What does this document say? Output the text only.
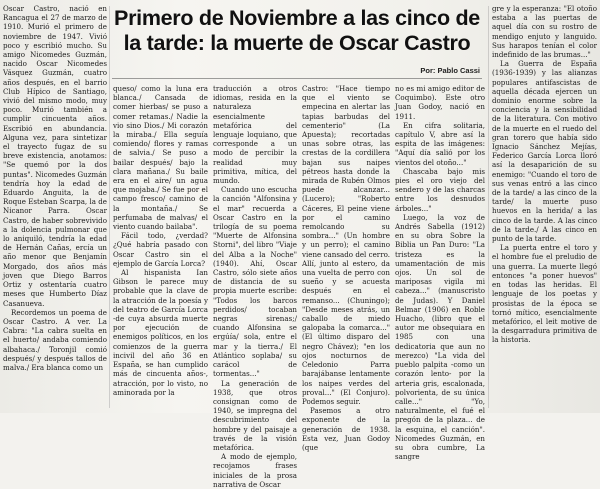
Primero de Noviembre a las cinco de la tarde: la muerte de Oscar Castro
Por: Pablo Cassi

Oscar Castro, nació en Rancagua el 27 de marzo de 1910. Murió el primero de noviembre de 1947. Vivió poco y escribió mucho. Su amigo Nicomedes Guzmán, nacido Oscar Nicomedes Vásquez Guzmán, cuatro años después, en el barrio Club Hípico de Santiago, vivió del mismo modo, muy poco. Murió también a cumplir cincuenta años. Escribió en abundancia. Alguna vez, para sintetizar el trayecto fugaz de su breve existencia, anotamos: "Se quemó por la dos puntas". Nicomedes Guzmán tendría hoy la edad de Eduardo Anguita, la de Roque Esteban Scarpa, la de Nicanor Parra. Oscar Castro, de haber sobrevivido a la dolencia pulmonar que lo aniquiló, tendría la edad de Hernán Cañas, ercía un año menor que Benjamín Morgado, dos años más joven que Diego Barros Ortiz y ostentaría cuatro meses que Humberto Díaz Casanueva.

Recordemos un poema de Oscar Castro. A ver. La Cabra: "La cabra suelta en el huerto/ andaba comiendo albahaca./ Toronjil comió después/ y después tallos de malva./ Era blanca como un

queso/ como la luna era blanca./ Cansada de comer hierbas/ se puso a comer retamas./ Nadie la vio sino Dios./ Mi corazón la miraba./ Ella seguía comiendo/ flores y ramas de salvia./ Se puso a bailar después/ bajo la clara mañana./ Su baile era en el aire/ un agua que mojaba./ Se fue por el campo fresco/ camino de la montaña./ Se perfumaba de malvas/ el viento cuando bailaba".

Fácil todo, ¿verdad? ¿Qué habría pasado con Oscar Castro sin el ejemplo de García Lorca?

Al hispanista Ian Gibson le parece muy probable que la clave de la atracción de la poesía y del teatro de García Lorca -de cuya absurda muerte por ejecución de enemigos políticos, en los comienzos de la guerra incivil del año 36 en España, se han cumplido más de cincuenta años-, atracción, por lo visto, no aminorada por la

traducción a otros idiomas, resida en la naturaleza esencialmente metafórica del lenguaje loquiano, que corresponde a un modo de percibir la realidad muy primitiva, mítica, del mundo.

Cuando uno escucha la canción "Alfonsina y el mar" recuerda a Oscar Castro en la trilogía de su poema "Muerte de Alfonsina Storni", del libro "Viaje del Alba a la Noche" (1940). Ahí, Oscar Castro, sólo siete años de distancia de su propia muerte escribe: "Todos los barcos perdidos/ tocaban negras sirenas;/ cuando Alfonsina se ergúía/ sola, entre el mar y la tierra./ El Atlántico soplaba/ su carácol de tormentas..."

La generación de 1938, que otros consignan como de 1940, se impregna del descubrimiento del hombre y del paisaje a través de la visión metafórica.

A modo de ejemplo, recojamos frases iniciales de la prosa narrativa de Oscar

Castro: "Hace tiempo que el viento se empecina en alertar las tapias barbudas del cementerio" (La Apuesta); recortadas unas sobre otras, las crestas de la cordillera bajan sus naipes pétreos hasta donde la mirada de Rubén Olmos puede alcanzar... (Lucero); "Roberto Cáceres, El peine viene por el camino remolcando su sombra..." (Un hombre y un perro); el camino viene cansado del cerro. Allí, junto al estero, da una vuelta de perro con sueño y se acuesta después en el remanso... (Chuningo); "Desde meses atrás, un caballo de miedo galopaba la comarca..." (El último disparo del negro Chávez); "en los ojos nocturnos de Celedonio Parra barajábanse lentamente los naipes verdes del proval..." (El Conjuro). Podemos seguir.

Pasemos a otro exponente de la generación de 1938. Esta vez, Juan Godoy (que

no es mi amigo editor de Coquimbo). Este otro Juan Godoy, nació en 1911.

En cifra solitaria, capítulo V, abre así la espita de las imágenes: "Aquí día salió por los vientos del otoño..."

Chascaba bajo mis pies el oro viejo del sendero y de las charcas entre los desnudos árboles..."

Luego, la voz de Andrés Sabella (1912) en su obra Sobre la Biblia un Pan Duro: "La tristeza es la umamentación de mis ojos. Un sol de mariposas vigila mi cabeza..." (manuscristo de Judas). Y Daniel Belmar (1906) en Roble Huacho, (libro que el autor me obsequiara en 1985 con una dedicatoria que aun no merezco) "La vida del pueblo palpita -como un corazón lento- por la arteria gris, escalonada, polvorienta, de su única calle..." "Yo, naturalmente, el fué el pregón de la plaza... de la esquina, el canción". Nicomedes Guzmán, en su obra cumbre, La sangre

gre y la esperanza: "El otoño estaba a las puertas de aquel día con su rostro de mendigo enjuto y languido. Sus harapos tenían el color indefinido de las brumas..."

La Guerra de España (1936-1939) y las alianzas populares antifascistas de aquella década ejercen un dominio enorme sobre la conciencia y la sensibilidad de la literatura. Con motivo de la muerte en el ruedo del gran torero que había sido Ignacio Sánchez Mejías, Federico García Lorca lloró así la desaparición de su enemigo: "Cuando el toro de sus venas entró a las cinco de la tarde/ a las cinco de la tarde/ la muerte puso huevos en la herida/ a las cinco de la tarde. A las cinco de la tarde./ A las cinco en punto de la tarde.

La puerta entre el toro y el hombre fue el preludio de una guerra. La muerte llegó entonces "a poner huevos" en todas las heridas. El lenguaje de los poetas y prosistas de la época se tornó mítico, esencialmente metafórico, el leit motive de la desgarradura primitiva de la historia.
